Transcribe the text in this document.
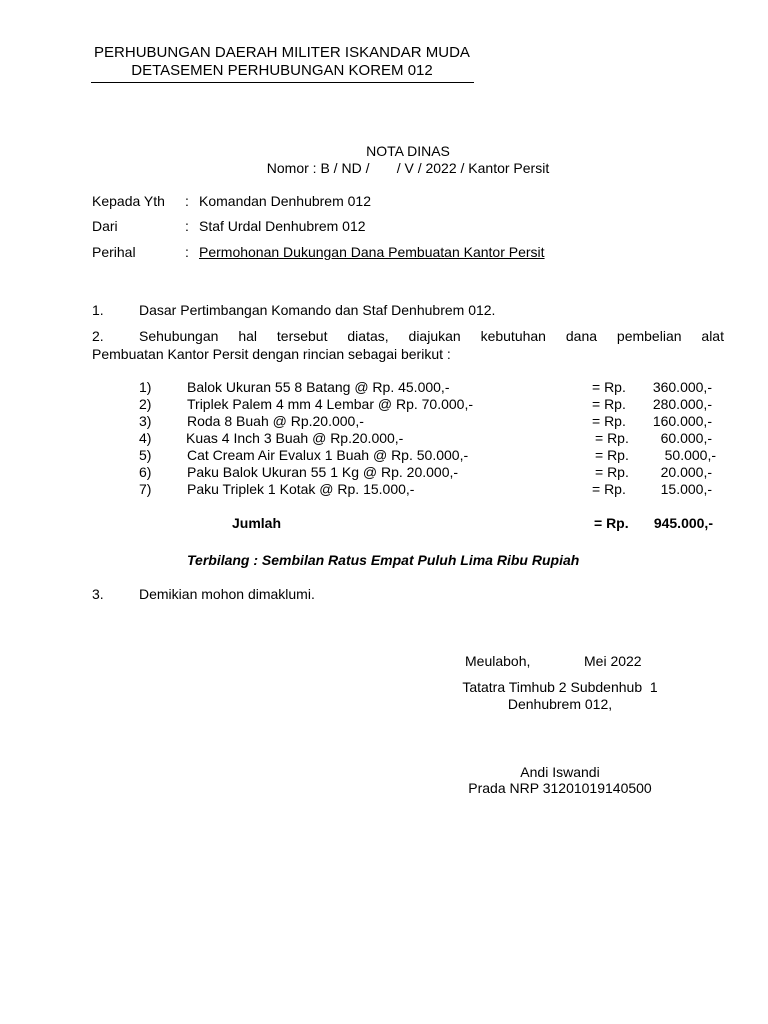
PERHUBUNGAN DAERAH MILITER ISKANDAR MUDA
DETASEMEN PERHUBUNGAN KOREM 012
NOTA DINAS
Nomor : B / ND /       / V / 2022 / Kantor Persit
Kepada Yth : Komandan Denhubrem 012
Dari	: Staf Urdal Denhubrem 012
Perihal	: Permohonan Dukungan Dana Pembuatan Kantor Persit
1.	Dasar Pertimbangan Komando dan Staf Denhubrem 012.
2.	Sehubungan hal tersebut diatas, diajukan kebutuhan dana pembelian alat
Pembuatan Kantor Persit dengan rincian sebagai berikut :
1)	Balok Ukuran 55 8 Batang @ Rp. 45.000,-	= Rp.	360.000,-
2)	Triplek Palem 4 mm 4 Lembar @ Rp. 70.000,-	= Rp.	280.000,-
3)	Roda 8 Buah @ Rp.20.000,-	= Rp.	160.000,-
4) Kuas 4 Inch 3 Buah @ Rp.20.000,-	= Rp.	60.000,-
5)	Cat Cream Air Evalux 1 Buah @ Rp. 50.000,-	= Rp.	50.000,-
6)	Paku Balok Ukuran 55 1 Kg @ Rp. 20.000,-	= Rp.	20.000,-
7)	Paku Triplek 1 Kotak @ Rp. 15.000,-	= Rp.	15.000,-
Jumlah	= Rp.	945.000,-
Terbilang : Sembilan Ratus Empat Puluh Lima Ribu Rupiah
3.	Demikian mohon dimaklumi.
Meulaboh,	Mei 2022
Tatatra Timhub 2 Subdenhub  1
Denhubrem 012,
Andi Iswandi
Prada NRP 31201019140500
